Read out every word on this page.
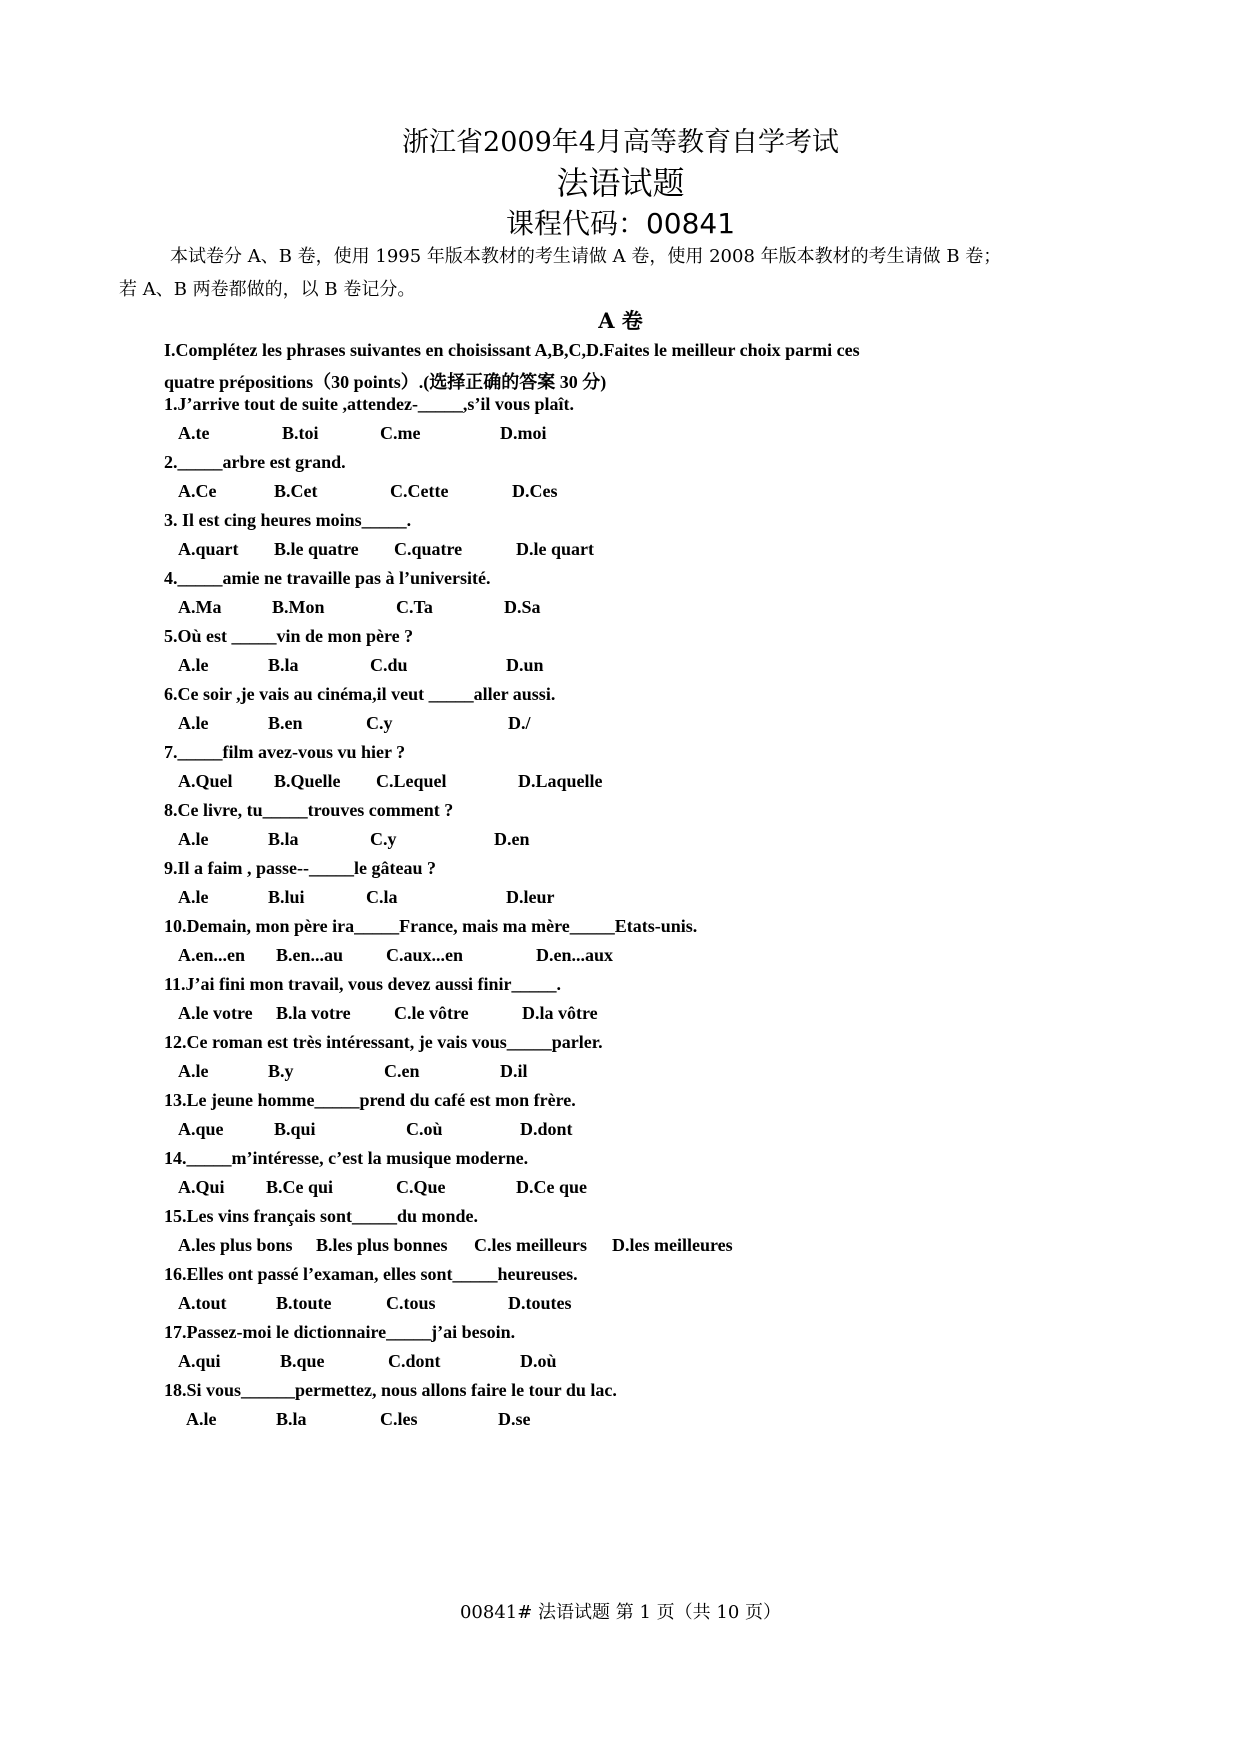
浙江省2009年4月高等教育自学考试
法语试题
课程代码：00841
本试卷分 A、B 卷，使用 1995 年版本教材的考生请做 A 卷，使用 2008 年版本教材的考生请做 B 卷；
若 A、B 两卷都做的，以 B 卷记分。
A 卷
I.Complétez les phrases suivantes en choisissant A,B,C,D.Faites le meilleur choix parmi ces
quatre prépositions（30 points）.(选择正确的答案 30 分)
1.J’arrive tout de suite ,attendez-_____,s’il vous plaît.
A.te	B.toi	C.me	D.moi
2._____arbre est grand.
A.Ce	B.Cet	C.Cette	D.Ces
3. Il est cing heures moins_____.
A.quart B.le quatre C.quatre	D.le quart
4._____amie ne travaille pas à l’université.
A.Ma	B.Mon	C.Ta	D.Sa
5.Où est _____vin de mon père ?
A.le	B.la	C.du	D.un
6.Ce soir ,je vais au cinéma,il veut _____aller aussi.
A.le	B.en	C.y	D./
7._____film avez-vous vu hier ?
A.Quel B.Quelle C.Lequel	D.Laquelle
8.Ce livre, tu_____trouves comment ?
A.le	B.la	C.y	D.en
9.Il a faim , passe--_____le gâteau ?
A.le	B.lui	C.la	D.leur
10.Demain, mon père ira_____France, mais ma mère_____Etats-unis.
A.en...en B.en...au C.aux...en	D.en...aux
11.J’ai fini mon travail, vous devez aussi finir_____.
A.le votre B.la votre C.le vôtre	D.la vôtre
12.Ce roman est très intéressant, je vais vous_____parler.
A.le	B.y	C.en	D.il
13.Le jeune homme_____prend du café est mon frère.
A.que	B.qui	C.où	D.dont
14._____m’intéresse, c’est la musique moderne.
A.Qui B.Ce qui	C.Que	D.Ce que
15.Les vins français sont_____du monde.
A.les plus bons B.les plus bonnes C.les meilleurs D.les meilleures
16.Elles ont passé l’examan, elles sont_____heureuses.
A.tout	B.toute	C.tous	D.toutes
17.Passez-moi le dictionnaire_____j’ai besoin.
A.qui	B.que	C.dont	D.où
18.Si vous______permettez, nous allons faire le tour du lac.
A.le	B.la	C.les	D.se
00841# 法语试题 第 1 页（共 10 页）
